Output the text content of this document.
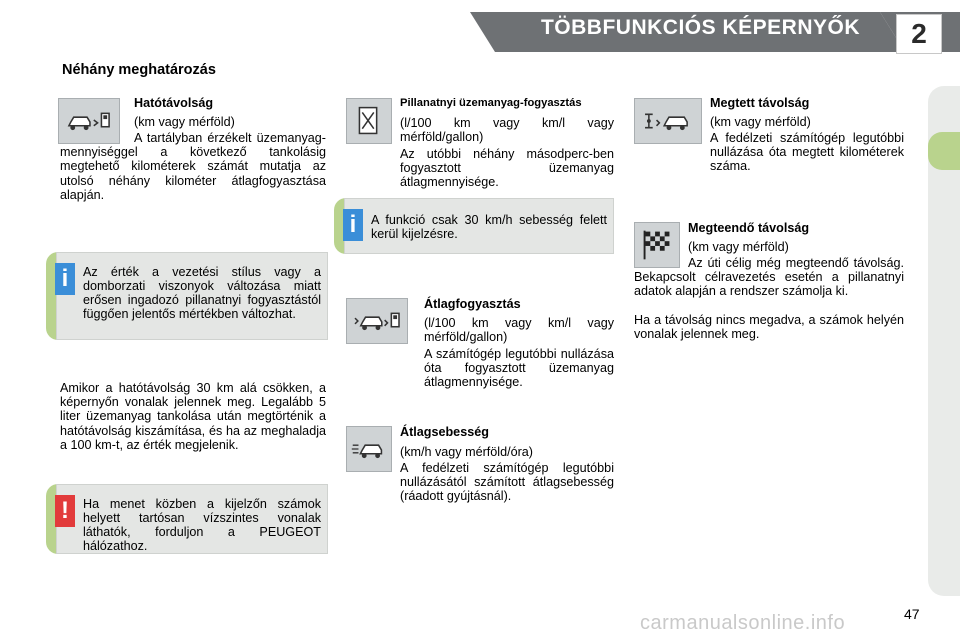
TÖBBFUNKCIÓS KÉPERNYŐK	2
Néhány meghatározás
Hatótávolság
(km vagy mérföld)
A tartályban érzékelt üzemanyag-mennyiséggel a következő tankolásig megtehető kilométerek számát mutatja az utolsó néhány kilométer átlagfogyasztása alapján.
i	Az érték a vezetési stílus vagy a domborzati viszonyok változása miatt erősen ingadozó pillanatnyi fogyasztástól függően jelentős mértékben változhat.
Amikor a hatótávolság 30 km alá csökken, a képernyőn vonalak jelennek meg. Legalább 5 liter üzemanyag tankolása után megtörténik a hatótávolság kiszámítása, és ha az meghaladja a 100 km-t, az érték megjelenik.
!	Ha menet közben a kijelzőn számok helyett tartósan vízszintes vonalak láthatók, forduljon a PEUGEOT hálózathoz.
Pillanatnyi üzemanyag-fogyasztás
(l/100 km vagy km/l vagy mérföld/gallon)
Az utóbbi néhány másodperc-ben fogyasztott üzemanyag átlagmennyisége.
i	A funkció csak 30 km/h sebesség felett kerül kijelzésre.
Átlagfogyasztás
(l/100 km vagy km/l vagy mérföld/gallon)
A számítógép legutóbbi nullázása óta fogyasztott üzemanyag átlagmennyisége.
Átlagsebesség
(km/h vagy mérföld/óra)
A fedélzeti számítógép legutóbbi nullázásától számított átlagsebesség (ráadott gyújtásnál).
Megtett távolság
(km vagy mérföld)
A fedélzeti számítógép legutóbbi nullázása óta megtett kilométerek száma.
Megteendő távolság
(km vagy mérföld)
Az úti célig még megteendő távolság. Bekapcsolt célravezetés esetén a pillanatnyi adatok alapján a rendszer számolja ki.
Ha a távolság nincs megadva, a számok helyén vonalak jelennek meg.
carmanualsonline.info	47
